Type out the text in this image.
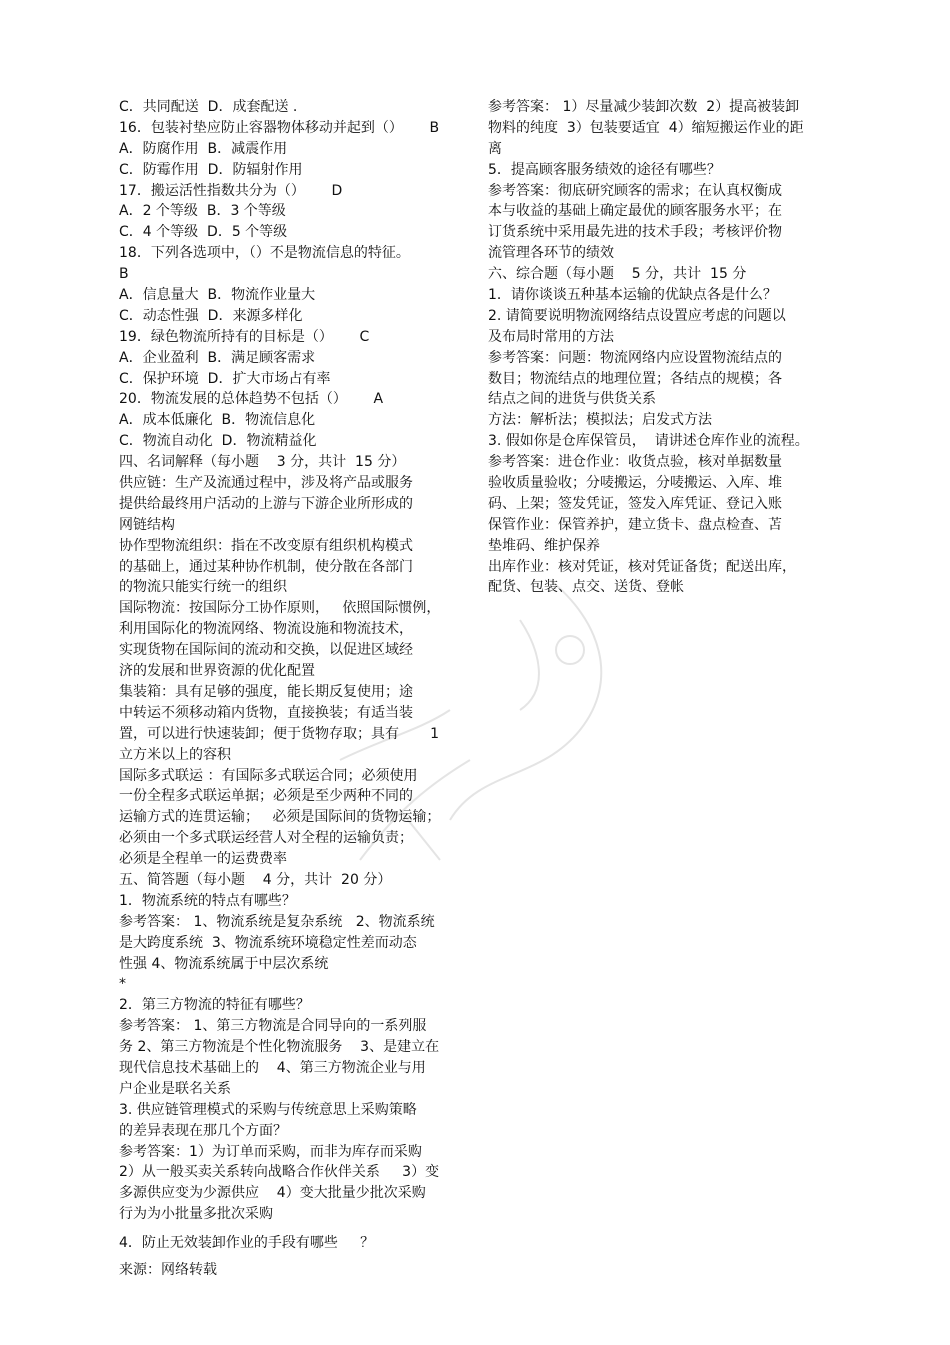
C．共同配送  D．成套配送 .
16．包装衬垫应防止容器物体移动并起到（）      B
A．防腐作用  B．减震作用
C．防霉作用  D．防辐射作用
17．搬运活性指数共分为（）      D
A．2 个等级  B．3 个等级
C．4 个等级  D．5 个等级
18．下列各选项中，（）不是物流信息的特征。
B
A．信息量大  B．物流作业量大
C．动态性强  D．来源多样化
19．绿色物流所持有的目标是（）      C
A．企业盈利  B．满足顾客需求
C．保护环境  D．扩大市场占有率
20．物流发展的总体趋势不包括（）      A
A．成本低廉化  B．物流信息化
C．物流自动化  D．物流精益化
四、名词解释（每小题    3 分，共计  15 分）
供应链：生产及流通过程中，涉及将产品或服务
提供给最终用户活动的上游与下游企业所形成的
网链结构
协作型物流组织：指在不改变原有组织机构模式
的基础上，通过某种协作机制，使分散在各部门
的物流只能实行统一的组织
国际物流：按国际分工协作原则，   依照国际惯例，
利用国际化的物流网络、物流设施和物流技术，
实现货物在国际间的流动和交换，以促进区域经
济的发展和世界资源的优化配置
集装箱：具有足够的强度，能长期反复使用；途
中转运不须移动箱内货物，直接换装；有适当装
置，可以进行快速装卸；便于货物存取；具有       1
立方米以上的容积
国际多式联运 ：有国际多式联运合同；必须使用
一份全程多式联运单据；必须是至少两种不同的
运输方式的连贯运输；   必须是国际间的货物运输；
必须由一个多式联运经营人对全程的运输负责；
必须是全程单一的运费费率
五、简答题（每小题    4 分，共计  20 分）
1．物流系统的特点有哪些？
参考答案： 1、物流系统是复杂系统   2、物流系统
是大跨度系统  3、物流系统环境稳定性差而动态
性强 4、物流系统属于中层次系统
*
2．第三方物流的特征有哪些？
参考答案： 1、第三方物流是合同导向的一系列服
务 2、第三方物流是个性化物流服务    3、是建立在
现代信息技术基础上的    4、第三方物流企业与用
户企业是联名关系
3. 供应链管理模式的采购与传统意思上采购策略
的差异表现在那几个方面？
参考答案：1）为订单而采购，而非为库存而采购
2）从一般买卖关系转向战略合作伙伴关系     3）变
多源供应变为少源供应    4）变大批量少批次采购
行为为小批量多批次采购
4．防止无效装卸作业的手段有哪些     ？
参考答案： 1）尽量减少装卸次数  2）提高被装卸
物料的纯度  3）包装要适宜  4）缩短搬运作业的距
离
5．提高顾客服务绩效的途径有哪些？
参考答案：彻底研究顾客的需求；在认真权衡成
本与收益的基础上确定最优的顾客服务水平；在
订货系统中采用最先进的技术手段；考核评价物
流管理各环节的绩效
六、综合题（每小题    5 分，共计  15 分
1．请你谈谈五种基本运输的优缺点各是什么？
2. 请简要说明物流网络结点设置应考虑的问题以
及布局时常用的方法
参考答案：问题：物流网络内应设置物流结点的
数目；物流结点的地理位置；各结点的规模；各
结点之间的进货与供货关系
方法：解析法；模拟法；启发式方法
3. 假如你是仓库保管员，  请讲述仓库作业的流程。
参考答案：进仓作业：收货点验，核对单据数量
验收质量验收；分唛搬运，分唛搬运、入库、堆
码、上架；签发凭证，签发入库凭证、登记入账
保管作业：保管养护，建立货卡、盘点检查、苫
垫堆码、维护保养
出库作业：核对凭证，核对凭证备货；配送出库，
配货、包装、点交、送货、登帐
来源：网络转载
